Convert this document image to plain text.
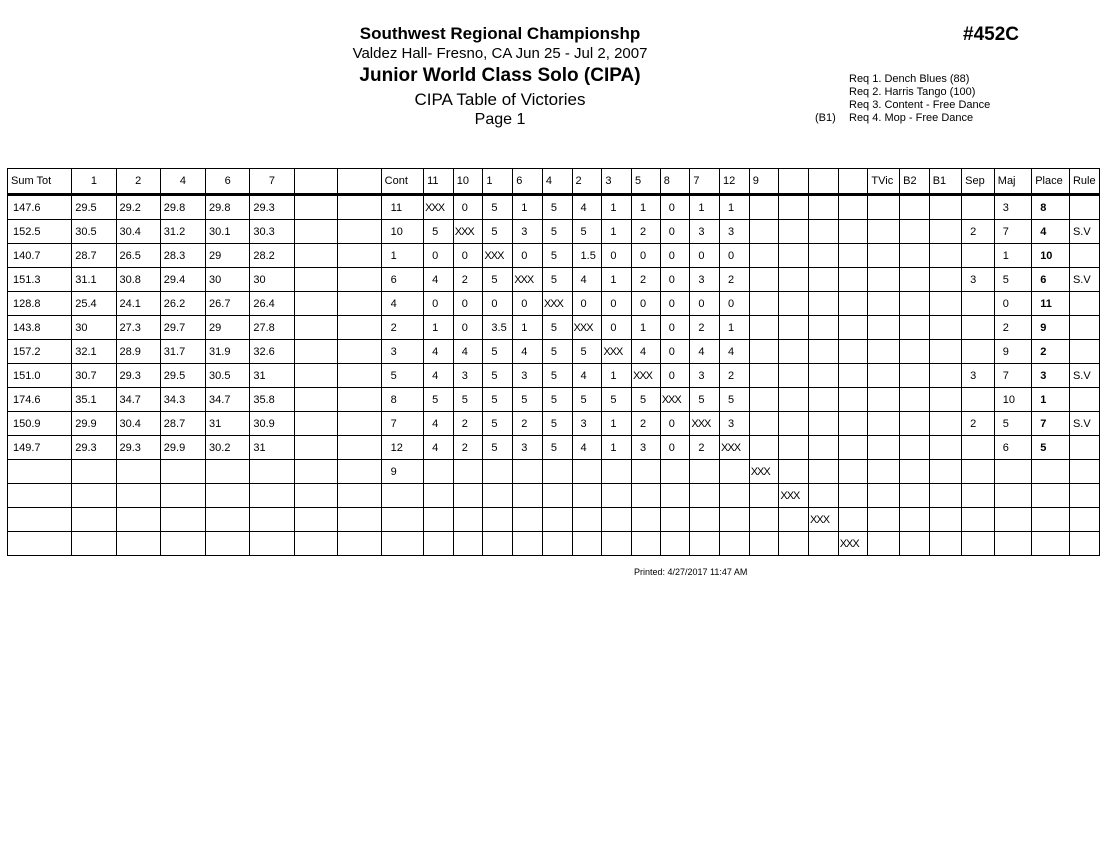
Southwest Regional Championshp
Valdez Hall- Fresno, CA Jun 25 - Jul 2, 2007
Junior World Class Solo (CIPA)
CIPA Table of Victories
Page 1
#452C
Req 1. Dench Blues (88)
Req 2. Harris Tango (100)
Req 3. Content - Free Dance
(B1) Req 4. Mop - Free Dance
Sum Tot	1	2	4	6	7			Cont	11	10	1	6	4	2	3	5	8	7	12	9				TVic	B2	B1	Sep	Maj	Place	Rule
147.6	29.5	29.2	29.8	29.8	29.3			11	XXX	0	5	1	5	4	1	1	0	1	1									3	8	
152.5	30.5	30.4	31.2	30.1	30.3			10	5	XXX	5	3	5	5	1	2	0	3	3								2	7	4	S.V
140.7	28.7	26.5	28.3	29	28.2			1	0	0	XXX	0	5	1.5	0	0	0	0	0									1	10	
151.3	31.1	30.8	29.4	30	30			6	4	2	5	XXX	5	4	1	2	0	3	2								3	5	6	S.V
128.8	25.4	24.1	26.2	26.7	26.4			4	0	0	0	0	XXX	0	0	0	0	0	0									0	11	
143.8	30	27.3	29.7	29	27.8			2	1	0	3.5	1	5	XXX	0	1	0	2	1									2	9	
157.2	32.1	28.9	31.7	31.9	32.6			3	4	4	5	4	5	5	XXX	4	0	4	4									9	2	
151.0	30.7	29.3	29.5	30.5	31			5	4	3	5	3	5	4	1	XXX	0	3	2								3	7	3	S.V
174.6	35.1	34.7	34.3	34.7	35.8			8	5	5	5	5	5	5	5	5	XXX	5	5									10	1	
150.9	29.9	30.4	28.7	31	30.9			7	4	2	5	2	5	3	1	2	0	XXX	3								2	5	7	S.V
149.7	29.3	29.3	29.9	30.2	31			12	4	2	5	3	5	4	1	3	0	2	XXX									6	5	
								9												XXX										
																					XXX									
																						XXX								
																							XXX							
Printed: 4/27/2017 11:47 AM
